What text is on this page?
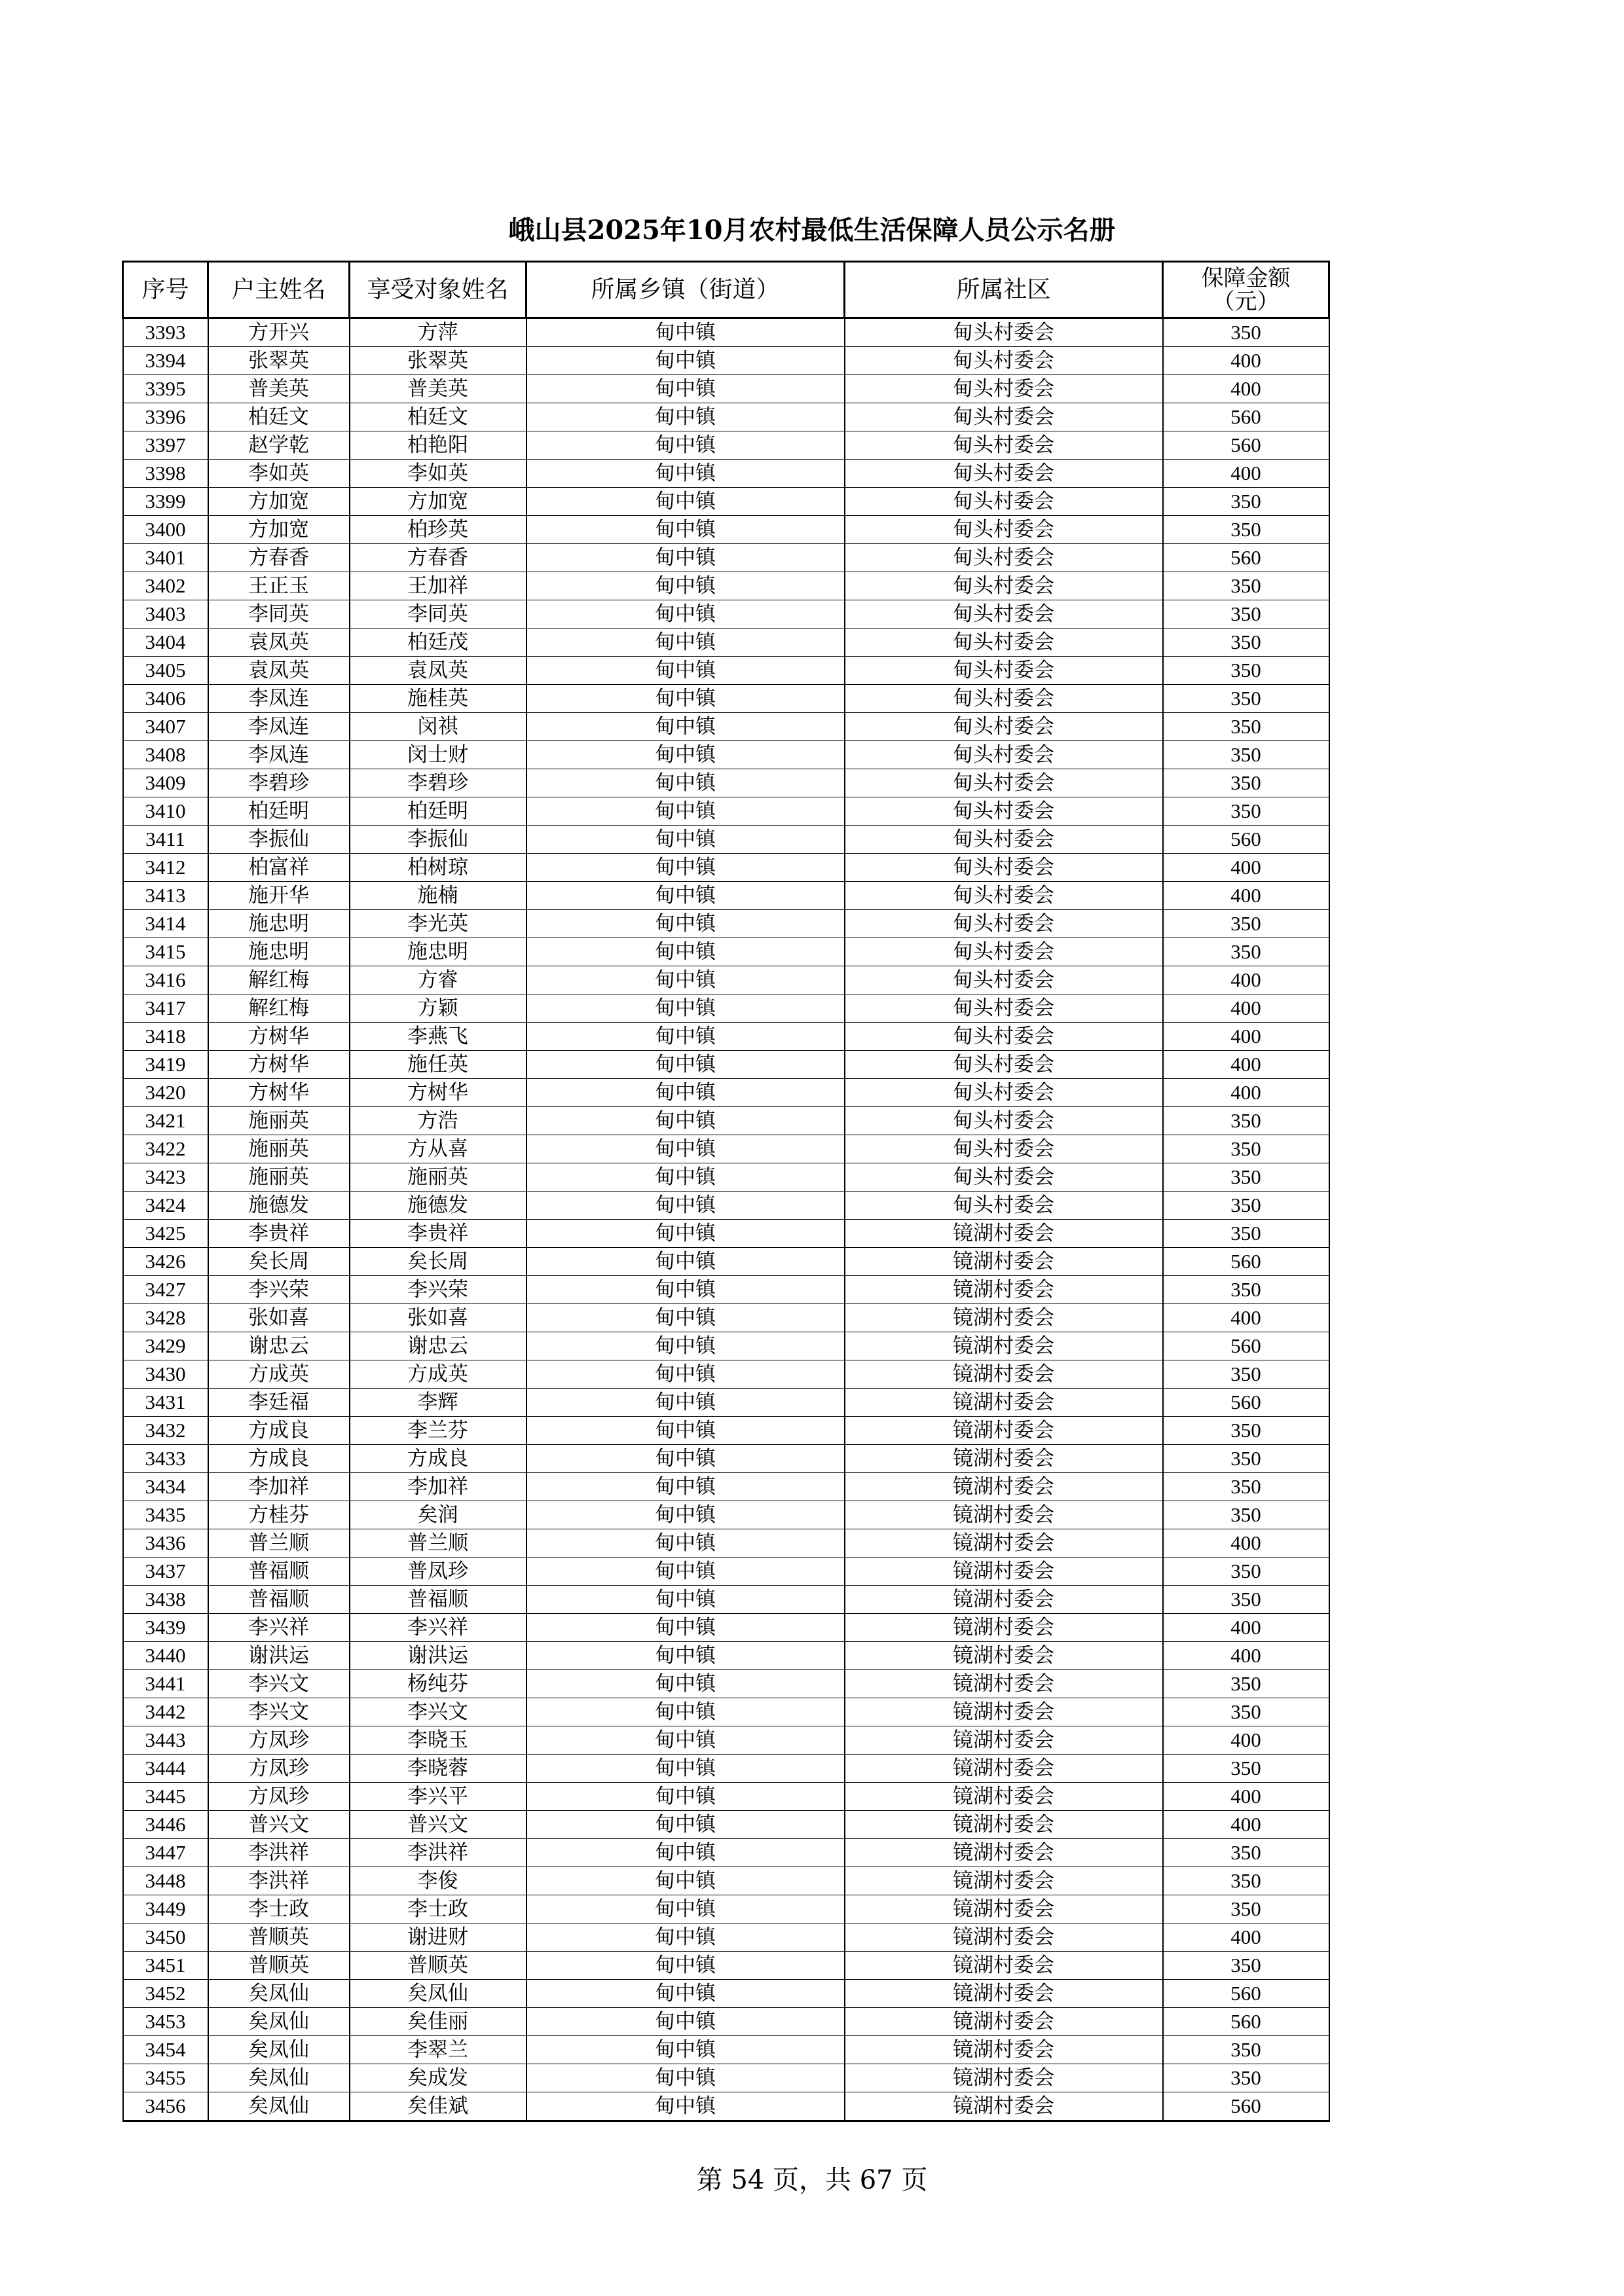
峨山县2025年10月农村最低生活保障人员公示名册
序号	户主姓名	享受对象姓名	所属乡镇（街道）	所属社区	保障金额
（元）

3393	方开兴	方萍	甸中镇	甸头村委会	350
3394	张翠英	张翠英	甸中镇	甸头村委会	400
3395	普美英	普美英	甸中镇	甸头村委会	400
3396	柏廷文	柏廷文	甸中镇	甸头村委会	560
3397	赵学乾	柏艳阳	甸中镇	甸头村委会	560
3398	李如英	李如英	甸中镇	甸头村委会	400
3399	方加宽	方加宽	甸中镇	甸头村委会	350
3400	方加宽	柏珍英	甸中镇	甸头村委会	350
3401	方春香	方春香	甸中镇	甸头村委会	560
3402	王正玉	王加祥	甸中镇	甸头村委会	350
3403	李同英	李同英	甸中镇	甸头村委会	350
3404	袁凤英	柏廷茂	甸中镇	甸头村委会	350
3405	袁凤英	袁凤英	甸中镇	甸头村委会	350
3406	李凤连	施桂英	甸中镇	甸头村委会	350
3407	李凤连	闵祺	甸中镇	甸头村委会	350
3408	李凤连	闵士财	甸中镇	甸头村委会	350
3409	李碧珍	李碧珍	甸中镇	甸头村委会	350
3410	柏廷明	柏廷明	甸中镇	甸头村委会	350
3411	李振仙	李振仙	甸中镇	甸头村委会	560
3412	柏富祥	柏树琼	甸中镇	甸头村委会	400
3413	施开华	施楠	甸中镇	甸头村委会	400
3414	施忠明	李光英	甸中镇	甸头村委会	350
3415	施忠明	施忠明	甸中镇	甸头村委会	350
3416	解红梅	方睿	甸中镇	甸头村委会	400
3417	解红梅	方颖	甸中镇	甸头村委会	400
3418	方树华	李燕飞	甸中镇	甸头村委会	400
3419	方树华	施任英	甸中镇	甸头村委会	400
3420	方树华	方树华	甸中镇	甸头村委会	400
3421	施丽英	方浩	甸中镇	甸头村委会	350
3422	施丽英	方从喜	甸中镇	甸头村委会	350
3423	施丽英	施丽英	甸中镇	甸头村委会	350
3424	施德发	施德发	甸中镇	甸头村委会	350
3425	李贵祥	李贵祥	甸中镇	镜湖村委会	350
3426	矣长周	矣长周	甸中镇	镜湖村委会	560
3427	李兴荣	李兴荣	甸中镇	镜湖村委会	350
3428	张如喜	张如喜	甸中镇	镜湖村委会	400
3429	谢忠云	谢忠云	甸中镇	镜湖村委会	560
3430	方成英	方成英	甸中镇	镜湖村委会	350
3431	李廷福	李辉	甸中镇	镜湖村委会	560
3432	方成良	李兰芬	甸中镇	镜湖村委会	350
3433	方成良	方成良	甸中镇	镜湖村委会	350
3434	李加祥	李加祥	甸中镇	镜湖村委会	350
3435	方桂芬	矣润	甸中镇	镜湖村委会	350
3436	普兰顺	普兰顺	甸中镇	镜湖村委会	400
3437	普福顺	普凤珍	甸中镇	镜湖村委会	350
3438	普福顺	普福顺	甸中镇	镜湖村委会	350
3439	李兴祥	李兴祥	甸中镇	镜湖村委会	400
3440	谢洪运	谢洪运	甸中镇	镜湖村委会	400
3441	李兴文	杨纯芬	甸中镇	镜湖村委会	350
3442	李兴文	李兴文	甸中镇	镜湖村委会	350
3443	方凤珍	李晓玉	甸中镇	镜湖村委会	400
3444	方凤珍	李晓蓉	甸中镇	镜湖村委会	350
3445	方凤珍	李兴平	甸中镇	镜湖村委会	400
3446	普兴文	普兴文	甸中镇	镜湖村委会	400
3447	李洪祥	李洪祥	甸中镇	镜湖村委会	350
3448	李洪祥	李俊	甸中镇	镜湖村委会	350
3449	李士政	李士政	甸中镇	镜湖村委会	350
3450	普顺英	谢进财	甸中镇	镜湖村委会	400
3451	普顺英	普顺英	甸中镇	镜湖村委会	350
3452	矣凤仙	矣凤仙	甸中镇	镜湖村委会	560
3453	矣凤仙	矣佳丽	甸中镇	镜湖村委会	560
3454	矣凤仙	李翠兰	甸中镇	镜湖村委会	350
3455	矣凤仙	矣成发	甸中镇	镜湖村委会	350
3456	矣凤仙	矣佳斌	甸中镇	镜湖村委会	560
第 54 页，共 67 页
